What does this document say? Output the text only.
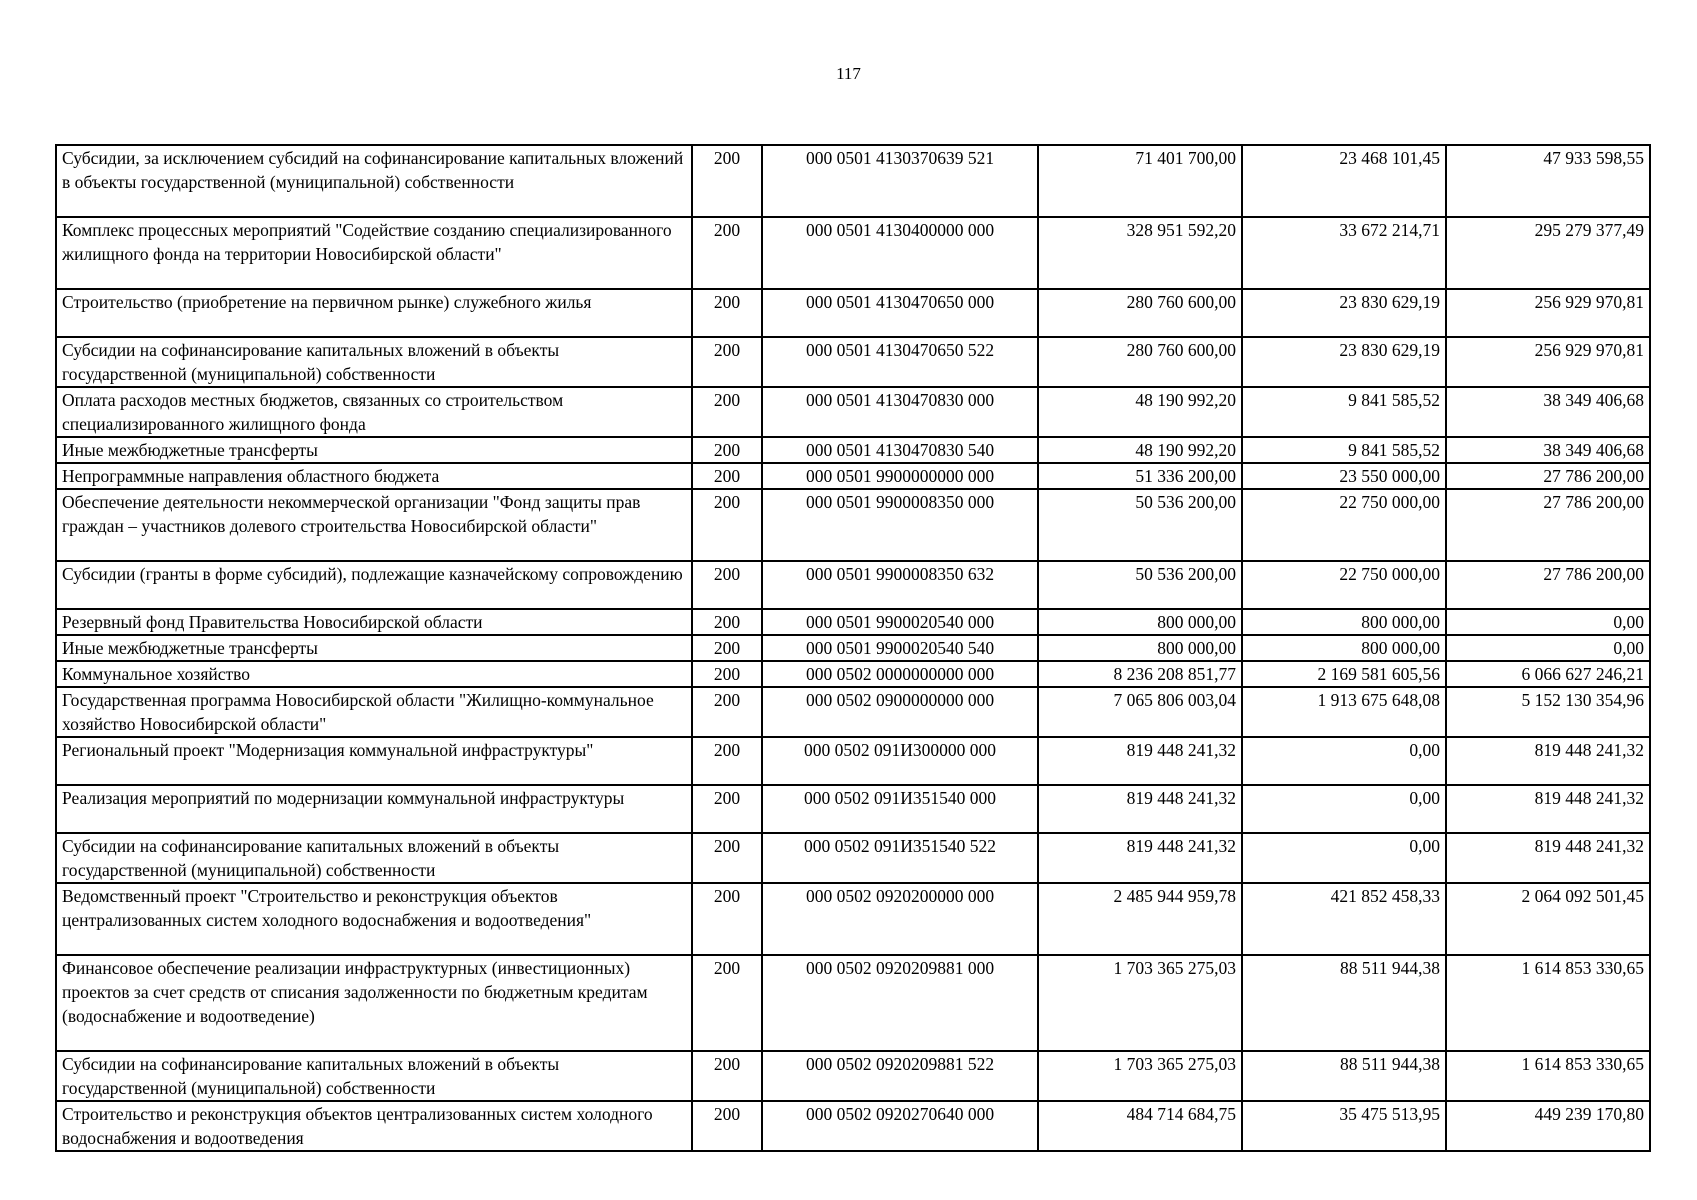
117
Субсидии, за исключением субсидий на софинансирование капитальных вложений в объекты государственной (муниципальной) собственности	200	000 0501 4130370639 521	71 401 700,00	23 468 101,45	47 933 598,55
Комплекс процессных мероприятий "Содействие созданию специализированного жилищного фонда на территории Новосибирской области"	200	000 0501 4130400000 000	328 951 592,20	33 672 214,71	295 279 377,49
Строительство (приобретение на первичном рынке) служебного жилья	200	000 0501 4130470650 000	280 760 600,00	23 830 629,19	256 929 970,81
Субсидии на софинансирование капитальных вложений в объекты государственной (муниципальной) собственности	200	000 0501 4130470650 522	280 760 600,00	23 830 629,19	256 929 970,81
Оплата расходов местных бюджетов, связанных со строительством специализированного жилищного фонда	200	000 0501 4130470830 000	48 190 992,20	9 841 585,52	38 349 406,68
Иные межбюджетные трансферты	200	000 0501 4130470830 540	48 190 992,20	9 841 585,52	38 349 406,68
Непрограммные направления областного бюджета	200	000 0501 9900000000 000	51 336 200,00	23 550 000,00	27 786 200,00
Обеспечение деятельности некоммерческой организации "Фонд защиты прав граждан – участников долевого строительства Новосибирской области"	200	000 0501 9900008350 000	50 536 200,00	22 750 000,00	27 786 200,00
Субсидии (гранты в форме субсидий), подлежащие казначейскому сопровождению	200	000 0501 9900008350 632	50 536 200,00	22 750 000,00	27 786 200,00
Резервный фонд Правительства Новосибирской области	200	000 0501 9900020540 000	800 000,00	800 000,00	0,00
Иные межбюджетные трансферты	200	000 0501 9900020540 540	800 000,00	800 000,00	0,00
Коммунальное хозяйство	200	000 0502 0000000000 000	8 236 208 851,77	2 169 581 605,56	6 066 627 246,21
Государственная программа Новосибирской области "Жилищно-коммунальное хозяйство Новосибирской области"	200	000 0502 0900000000 000	7 065 806 003,04	1 913 675 648,08	5 152 130 354,96
Региональный проект "Модернизация коммунальной инфраструктуры"	200	000 0502 091И300000 000	819 448 241,32	0,00	819 448 241,32
Реализация мероприятий по модернизации коммунальной инфраструктуры	200	000 0502 091И351540 000	819 448 241,32	0,00	819 448 241,32
Субсидии на софинансирование капитальных вложений в объекты государственной (муниципальной) собственности	200	000 0502 091И351540 522	819 448 241,32	0,00	819 448 241,32
Ведомственный проект "Строительство и реконструкция объектов централизованных систем холодного водоснабжения и водоотведения"	200	000 0502 0920200000 000	2 485 944 959,78	421 852 458,33	2 064 092 501,45
Финансовое обеспечение реализации инфраструктурных (инвестиционных) проектов за счет средств от списания задолженности по бюджетным кредитам (водоснабжение и водоотведение)	200	000 0502 0920209881 000	1 703 365 275,03	88 511 944,38	1 614 853 330,65
Субсидии на софинансирование капитальных вложений в объекты государственной (муниципальной) собственности	200	000 0502 0920209881 522	1 703 365 275,03	88 511 944,38	1 614 853 330,65
Строительство и реконструкция объектов централизованных систем холодного водоснабжения и водоотведения	200	000 0502 0920270640 000	484 714 684,75	35 475 513,95	449 239 170,80
